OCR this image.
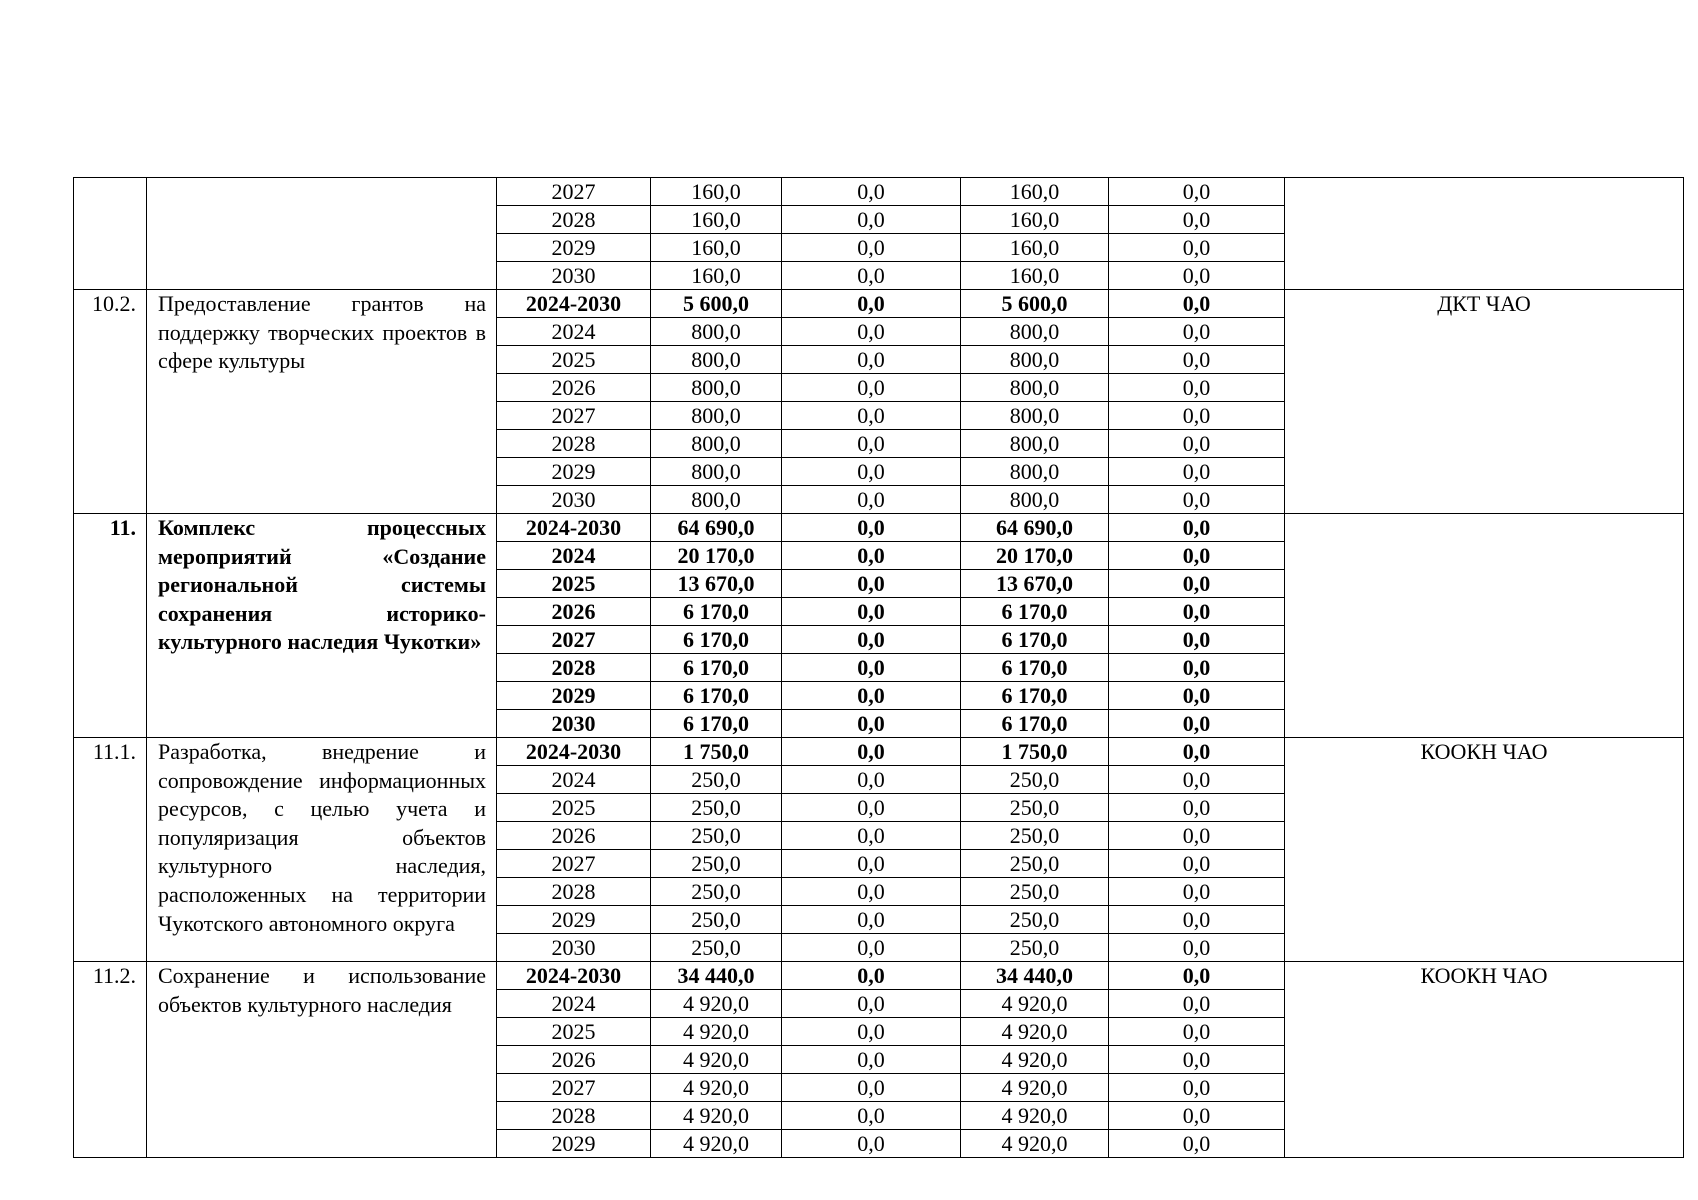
		2027	160,0	0,0	160,0	0,0	
		2028	160,0	0,0	160,0	0,0	
		2029	160,0	0,0	160,0	0,0	
		2030	160,0	0,0	160,0	0,0	
10.2.	Предоставление грантов на поддержку творческих проектов в сфере культуры	2024-2030	5 600,0	0,0	5 600,0	0,0	ДКТ ЧАО
		2024	800,0	0,0	800,0	0,0	
		2025	800,0	0,0	800,0	0,0	
		2026	800,0	0,0	800,0	0,0	
		2027	800,0	0,0	800,0	0,0	
		2028	800,0	0,0	800,0	0,0	
		2029	800,0	0,0	800,0	0,0	
		2030	800,0	0,0	800,0	0,0	
11.	Комплекс процессных мероприятий «Создание региональной системы сохранения историко-культурного наследия Чукотки»	2024-2030	64 690,0	0,0	64 690,0	0,0	
		2024	20 170,0	0,0	20 170,0	0,0	
		2025	13 670,0	0,0	13 670,0	0,0	
		2026	6 170,0	0,0	6 170,0	0,0	
		2027	6 170,0	0,0	6 170,0	0,0	
		2028	6 170,0	0,0	6 170,0	0,0	
		2029	6 170,0	0,0	6 170,0	0,0	
		2030	6 170,0	0,0	6 170,0	0,0	
11.1.	Разработка, внедрение и сопровождение информационных ресурсов, с целью учета и популяризация объектов культурного наследия, расположенных на территории Чукотского автономного округа	2024-2030	1 750,0	0,0	1 750,0	0,0	КООКН ЧАО
		2024	250,0	0,0	250,0	0,0	
		2025	250,0	0,0	250,0	0,0	
		2026	250,0	0,0	250,0	0,0	
		2027	250,0	0,0	250,0	0,0	
		2028	250,0	0,0	250,0	0,0	
		2029	250,0	0,0	250,0	0,0	
		2030	250,0	0,0	250,0	0,0	
11.2.	Сохранение и использование объектов культурного наследия	2024-2030	34 440,0	0,0	34 440,0	0,0	КООКН ЧАО
		2024	4 920,0	0,0	4 920,0	0,0	
		2025	4 920,0	0,0	4 920,0	0,0	
		2026	4 920,0	0,0	4 920,0	0,0	
		2027	4 920,0	0,0	4 920,0	0,0	
		2028	4 920,0	0,0	4 920,0	0,0	
		2029	4 920,0	0,0	4 920,0	0,0	
